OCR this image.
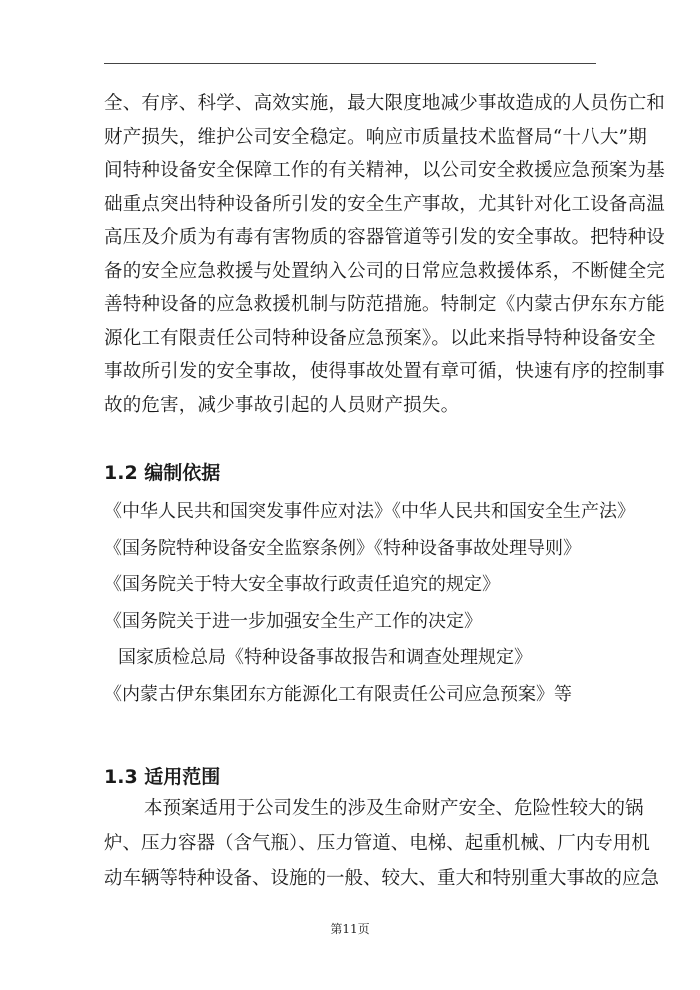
全、有序、科学、高效实施，最大限度地减少事故造成的人员伤亡和
财产损失，维护公司安全稳定。响应市质量技术监督局“十八大”期
间特种设备安全保障工作的有关精神，以公司安全救援应急预案为基
础重点突出特种设备所引发的安全生产事故，尤其针对化工设备高温
高压及介质为有毒有害物质的容器管道等引发的安全事故。把特种设
备的安全应急救援与处置纳入公司的日常应急救援体系，不断健全完
善特种设备的应急救援机制与防范措施。特制定《内蒙古伊东东方能
源化工有限责任公司特种设备应急预案》。以此来指导特种设备安全
事故所引发的安全事故，使得事故处置有章可循，快速有序的控制事
故的危害，减少事故引起的人员财产损失。
1.2 编制依据
《中华人民共和国突发事件应对法》《中华人民共和国安全生产法》
《国务院特种设备安全监察条例》《特种设备事故处理导则》
《国务院关于特大安全事故行政责任追究的规定》
《国务院关于进一步加强安全生产工作的决定》
国家质检总局《特种设备事故报告和调查处理规定》
《内蒙古伊东集团东方能源化工有限责任公司应急预案》等
1.3 适用范围
本预案适用于公司发生的涉及生命财产安全、危险性较大的锅
炉、压力容器（含气瓶）、压力管道、电梯、起重机械、厂内专用机
动车辆等特种设备、设施的一般、较大、重大和特别重大事故的应急
第11页
